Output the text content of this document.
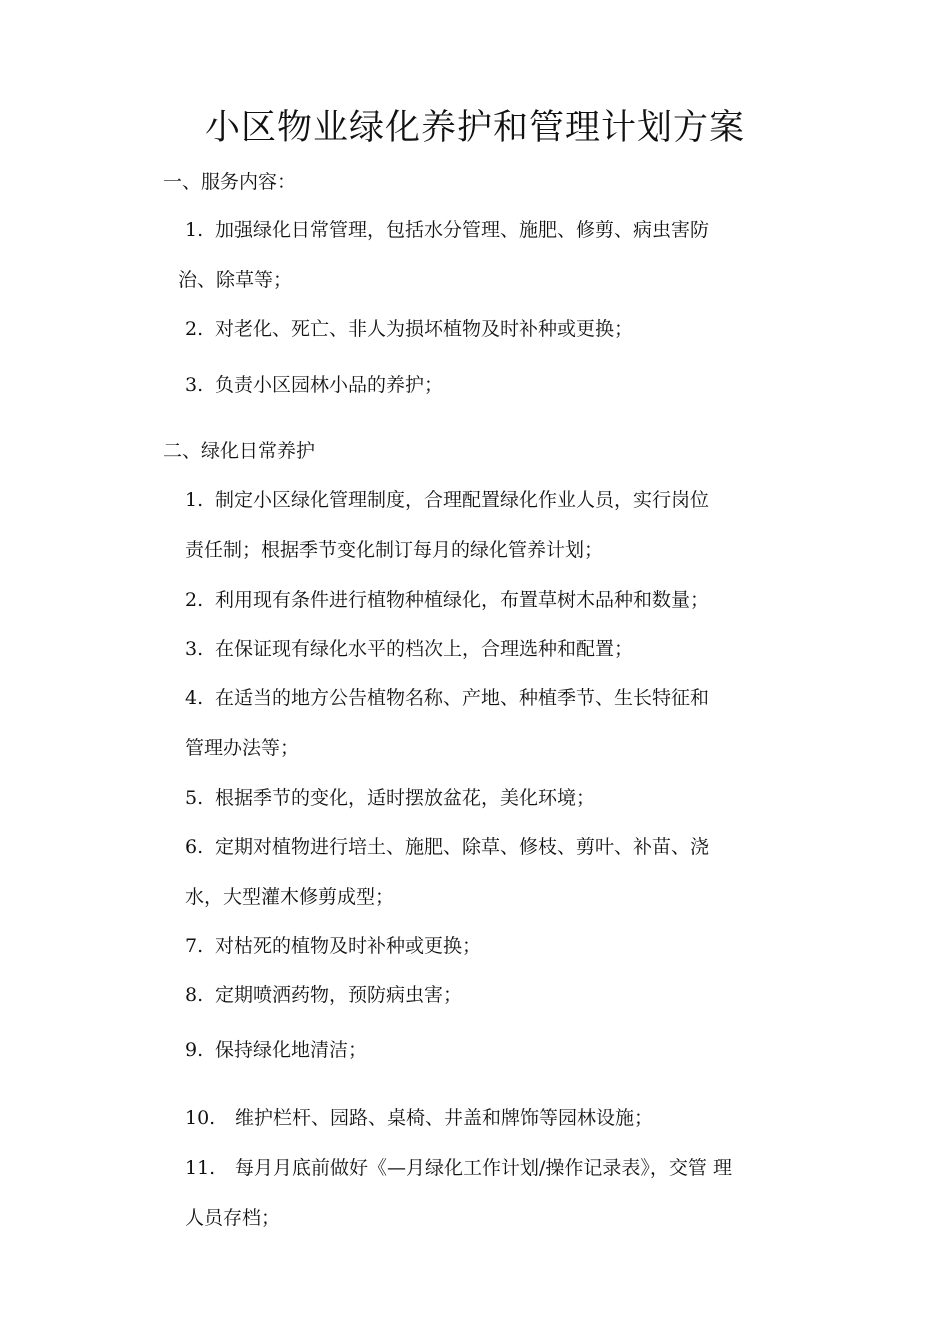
小区物业绿化养护和管理计划方案
一、服务内容：
1. 加强绿化日常管理，包括水分管理、施肥、修剪、病虫害防
治、除草等；
2. 对老化、死亡、非人为损坏植物及时补种或更换；
3. 负责小区园林小品的养护；
二、绿化日常养护
1. 制定小区绿化管理制度，合理配置绿化作业人员，实行岗位
责任制；根据季节变化制订每月的绿化管养计划；
2. 利用现有条件进行植物种植绿化，布置草树木品种和数量；
3. 在保证现有绿化水平的档次上，合理选种和配置；
4. 在适当的地方公告植物名称、产地、种植季节、生长特征和
管理办法等；
5. 根据季节的变化，适时摆放盆花，美化环境；
6. 定期对植物进行培土、施肥、除草、修枝、剪叶、补苗、浇
水，大型灌木修剪成型；
7. 对枯死的植物及时补种或更换；
8. 定期喷洒药物，预防病虫害；
9. 保持绿化地清洁；
10. 维护栏杆、园路、桌椅、井盖和牌饰等园林设施；
11. 每月月底前做好《—月绿化工作计划/操作记录表》，交管 理
人员存档；
